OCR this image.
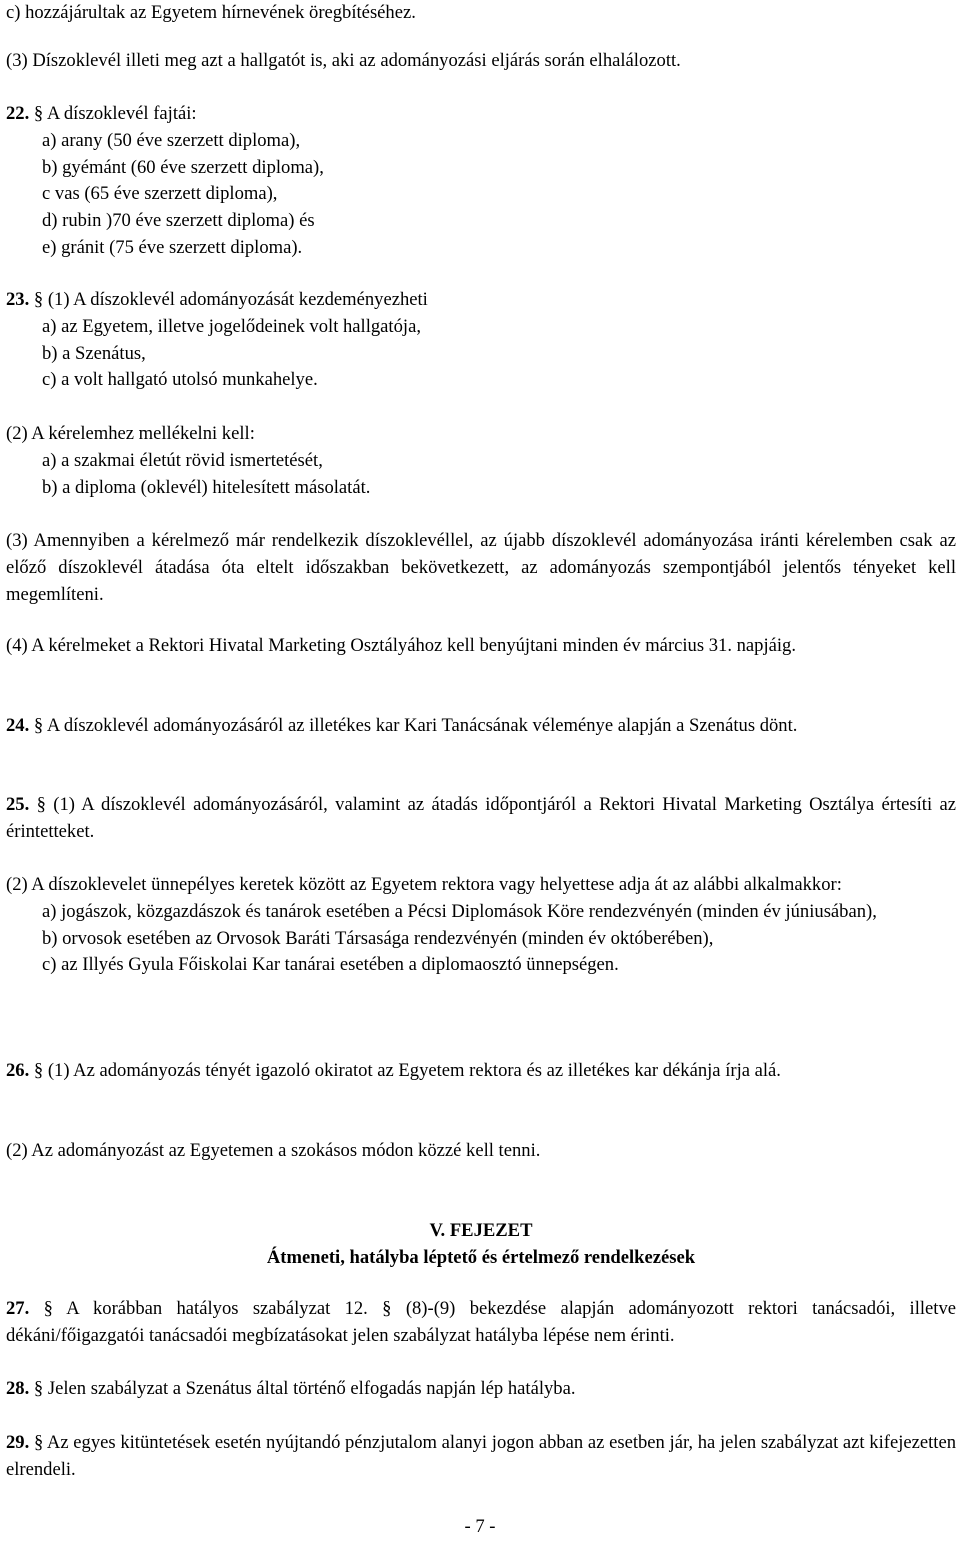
c) hozzájárultak az Egyetem hírnevének öregbítéséhez.

(3) Díszoklevél illeti meg azt a hallgatót is, aki az adományozási eljárás során elhalálozott.

22. § A díszoklevél fajtái:

a) arany (50 éve szerzett diploma),

b) gyémánt (60 éve szerzett diploma),

c vas (65 éve szerzett diploma),

d) rubin )70 éve szerzett diploma) és

e) gránit (75 éve szerzett diploma).

23. § (1) A díszoklevél adományozását kezdeményezheti

a) az Egyetem, illetve jogelődeinek volt hallgatója,

b) a Szenátus,

c) a volt hallgató utolsó munkahelye.

(2) A kérelemhez mellékelni kell:

a) a szakmai életút rövid ismertetését,

b) a diploma (oklevél) hitelesített másolatát.

(3) Amennyiben a kérelmező már rendelkezik díszoklevéllel, az újabb díszoklevél adományozása iránti kérelemben csak az előző díszoklevél átadása óta eltelt időszakban bekövetkezett, az adományozás szempontjából jelentős tényeket kell megemlíteni.

(4) A kérelmeket a Rektori Hivatal Marketing Osztályához kell benyújtani minden év március 31. napjáig.

24. § A díszoklevél adományozásáról az illetékes kar Kari Tanácsának véleménye alapján a Szenátus dönt.

25. § (1) A díszoklevél adományozásáról, valamint az átadás időpontjáról a Rektori Hivatal Marketing Osztálya értesíti az érintetteket.

(2) A díszoklevelet ünnepélyes keretek között az Egyetem rektora vagy helyettese adja át az alábbi alkalmakkor:

a) jogászok, közgazdászok és tanárok esetében a Pécsi Diplomások Köre rendezvényén (minden év júniusában),

b) orvosok esetében az Orvosok Baráti Társasága rendezvényén (minden év októberében),

c) az Illyés Gyula Főiskolai Kar tanárai esetében a diplomaosztó ünnepségen.

26. § (1) Az adományozás tényét igazoló okiratot az Egyetem rektora és az illetékes kar dékánja írja alá.

(2) Az adományozást az Egyetemen a szokásos módon közzé kell tenni.

V. FEJEZET

Átmeneti, hatályba léptető és értelmező rendelkezések

27. § A korábban hatályos szabályzat 12. § (8)-(9) bekezdése alapján adományozott rektori tanácsadói, illetve dékáni/főigazgatói tanácsadói megbízatásokat jelen szabályzat hatályba lépése nem érinti.

28. § Jelen szabályzat a Szenátus által történő elfogadás napján lép hatályba.

29. § Az egyes kitüntetések esetén nyújtandó pénzjutalom alanyi jogon abban az esetben jár, ha jelen szabályzat azt kifejezetten elrendeli.

- 7 -
